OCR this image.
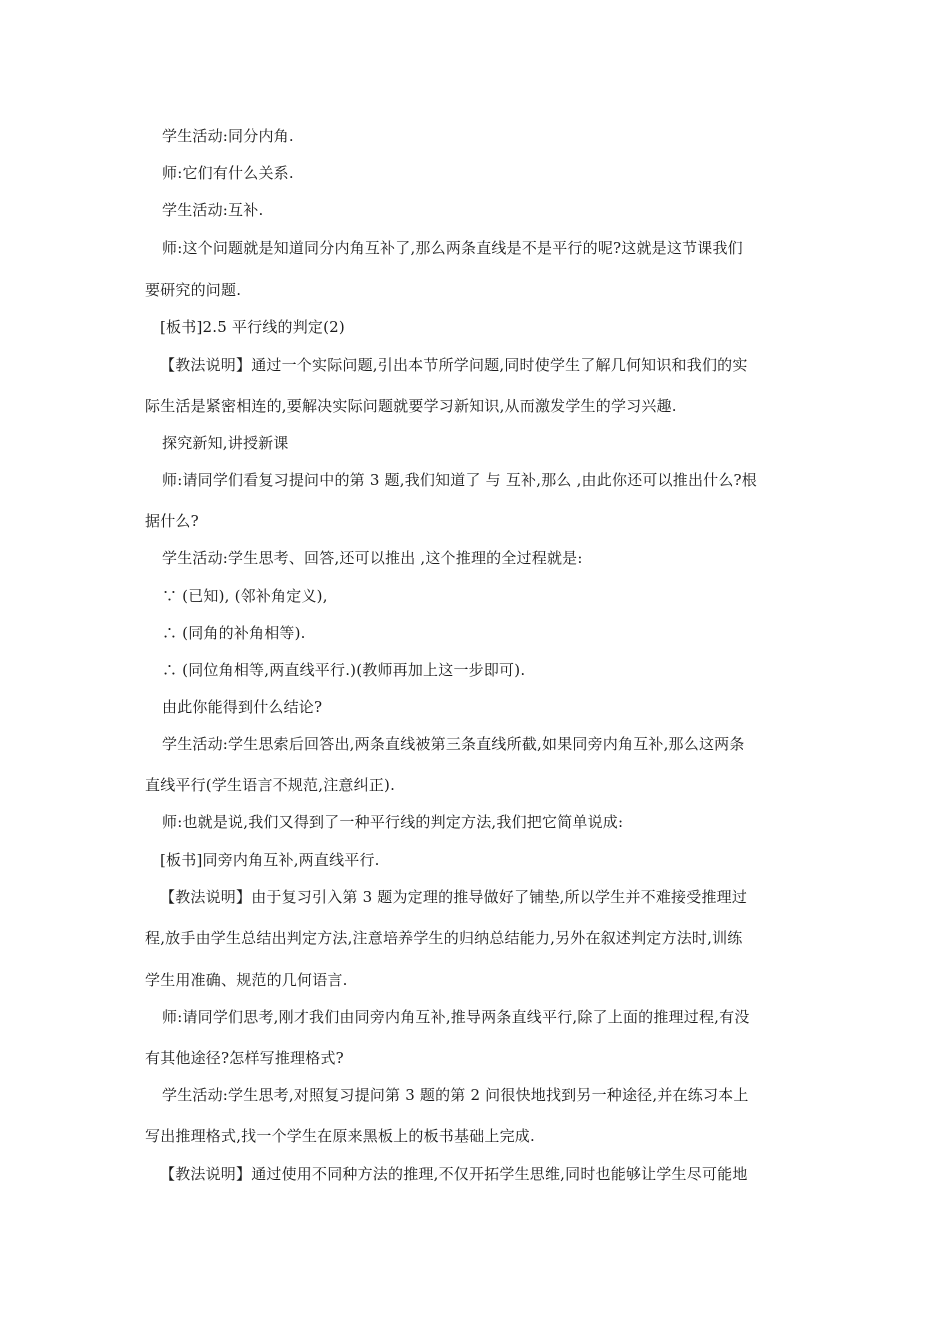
学生活动:同分内角.
师:它们有什么关系.
学生活动:互补.
师:这个问题就是知道同分内角互补了,那么两条直线是不是平行的呢?这就是这节课我们
要研究的问题.
[板书]2.5 平行线的判定(2)
【教法说明】通过一个实际问题,引出本节所学问题,同时使学生了解几何知识和我们的实
际生活是紧密相连的,要解决实际问题就要学习新知识,从而激发学生的学习兴趣.
探究新知,讲授新课
师:请同学们看复习提问中的第 3 题,我们知道了 与 互补,那么 ,由此你还可以推出什么?根
据什么?
学生活动:学生思考、回答,还可以推出 ,这个推理的全过程就是:
∵ (已知), (邻补角定义),
∴ (同角的补角相等).
∴ (同位角相等,两直线平行.)(教师再加上这一步即可).
由此你能得到什么结论?
学生活动:学生思索后回答出,两条直线被第三条直线所截,如果同旁内角互补,那么这两条
直线平行(学生语言不规范,注意纠正).
师:也就是说,我们又得到了一种平行线的判定方法,我们把它简单说成:
[板书]同旁内角互补,两直线平行.
【教法说明】由于复习引入第 3 题为定理的推导做好了铺垫,所以学生并不难接受推理过
程,放手由学生总结出判定方法,注意培养学生的归纳总结能力,另外在叙述判定方法时,训练
学生用准确、规范的几何语言.
师:请同学们思考,刚才我们由同旁内角互补,推导两条直线平行,除了上面的推理过程,有没
有其他途径?怎样写推理格式?
学生活动:学生思考,对照复习提问第 3 题的第 2 问很快地找到另一种途径,并在练习本上
写出推理格式,找一个学生在原来黑板上的板书基础上完成.
【教法说明】通过使用不同种方法的推理,不仅开拓学生思维,同时也能够让学生尽可能地
